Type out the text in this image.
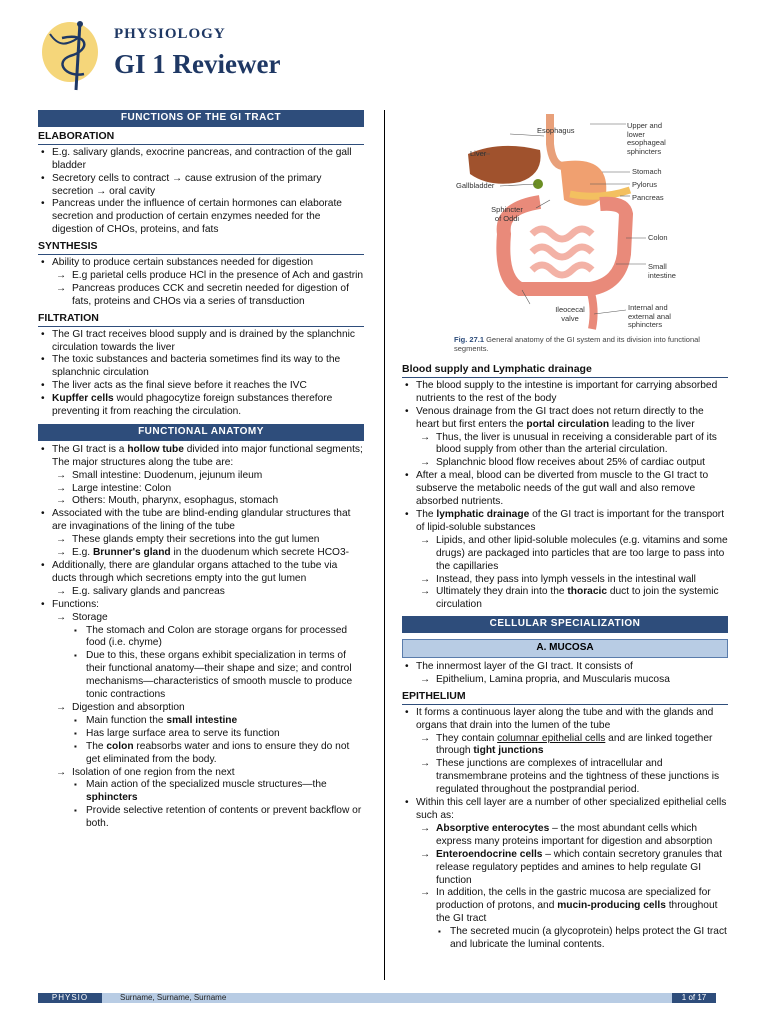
PHYSIOLOGY
GI 1 Reviewer
FUNCTIONS OF THE GI TRACT
ELABORATION
• E.g. salivary glands, exocrine pancreas, and contraction of the gall bladder
• Secretory cells to contract → cause extrusion of the primary secretion → oral cavity
• Pancreas under the influence of certain hormones can elaborate secretion and production of certain enzymes needed for the digestion of CHOs, proteins, and fats
SYNTHESIS
• Ability to produce certain substances needed for digestion
→ E.g parietal cells produce HCl in the presence of Ach and gastrin
→ Pancreas produces CCK and secretin needed for digestion of fats, proteins and CHOs via a series of transduction
FILTRATION
• The GI tract receives blood supply and is drained by the splanchnic circulation towards the liver
• The toxic substances and bacteria sometimes find its way to the splanchnic circulation
• The liver acts as the final sieve before it reaches the IVC
• Kupffer cells would phagocytize foreign substances therefore preventing it from reaching the circulation.
FUNCTIONAL ANATOMY
• The GI tract is a hollow tube divided into major functional segments; The major structures along the tube are:
→ Small intestine: Duodenum, jejunum ileum
→ Large intestine: Colon
→ Others: Mouth, pharynx, esophagus, stomach
• Associated with the tube are blind-ending glandular structures that are invaginations of the lining of the tube
→ These glands empty their secretions into the gut lumen
→ E.g. Brunner's gland in the duodenum which secrete HCO3-
• Additionally, there are glandular organs attached to the tube via ducts through which secretions empty into the gut lumen
→ E.g. salivary glands and pancreas
• Functions:
→ Storage
▪ The stomach and Colon are storage organs for processed food (i.e. chyme)
▪ Due to this, these organs exhibit specialization in terms of their functional anatomy—their shape and size; and control mechanisms—characteristics of smooth muscle to produce tonic contractions
→ Digestion and absorption
▪ Main function the small intestine
▪ Has large surface area to serve its function
▪ The colon reabsorbs water and ions to ensure they do not get eliminated from the body.
→ Isolation of one region from the next
▪ Main action of the specialized muscle structures—the sphincters
▪ Provide selective retention of contents or prevent backflow or both.
Esophagus
Upper and lower esophageal sphincters
Liver
Stomach
Gallbladder	Pylorus
Sphincter of Oddi
Pancreas
Colon
Small intestine
Ileocecal valve
Internal and external anal sphincters
Fig. 27.1 General anatomy of the GI system and its division into functional segments.
Blood supply and Lymphatic drainage
• The blood supply to the intestine is important for carrying absorbed nutrients to the rest of the body
• Venous drainage from the GI tract does not return directly to the heart but first enters the portal circulation leading to the liver
→ Thus, the liver is unusual in receiving a considerable part of its blood supply from other than the arterial circulation.
→ Splanchnic blood flow receives about 25% of cardiac output
• After a meal, blood can be diverted from muscle to the GI tract to subserve the metabolic needs of the gut wall and also remove absorbed nutrients.
• The lymphatic drainage of the GI tract is important for the transport of lipid-soluble substances
→ Lipids, and other lipid-soluble molecules (e.g. vitamins and some drugs) are packaged into particles that are too large to pass into the capillaries
→ Instead, they pass into lymph vessels in the intestinal wall
→ Ultimately they drain into the thoracic duct to join the systemic circulation
CELLULAR SPECIALIZATION
A. MUCOSA
• The innermost layer of the GI tract. It consists of
→ Epithelium, Lamina propria, and Muscularis mucosa
EPITHELIUM
• It forms a continuous layer along the tube and with the glands and organs that drain into the lumen of the tube
→ They contain columnar epithelial cells and are linked together through tight junctions
→ These junctions are complexes of intracellular and transmembrane proteins and the tightness of these junctions is regulated throughout the postprandial period.
• Within this cell layer are a number of other specialized epithelial cells such as:
→ Absorptive enterocytes – the most abundant cells which express many proteins important for digestion and absorption
→ Enteroendocrine cells – which contain secretory granules that release regulatory peptides and amines to help regulate GI function
→ In addition, the cells in the gastric mucosa are specialized for production of protons, and mucin-producing cells throughout the GI tract
▪ The secreted mucin (a glycoprotein) helps protect the GI tract and lubricate the luminal contents.
PHYSIO	Surname, Surname, Surname	1 of 17
